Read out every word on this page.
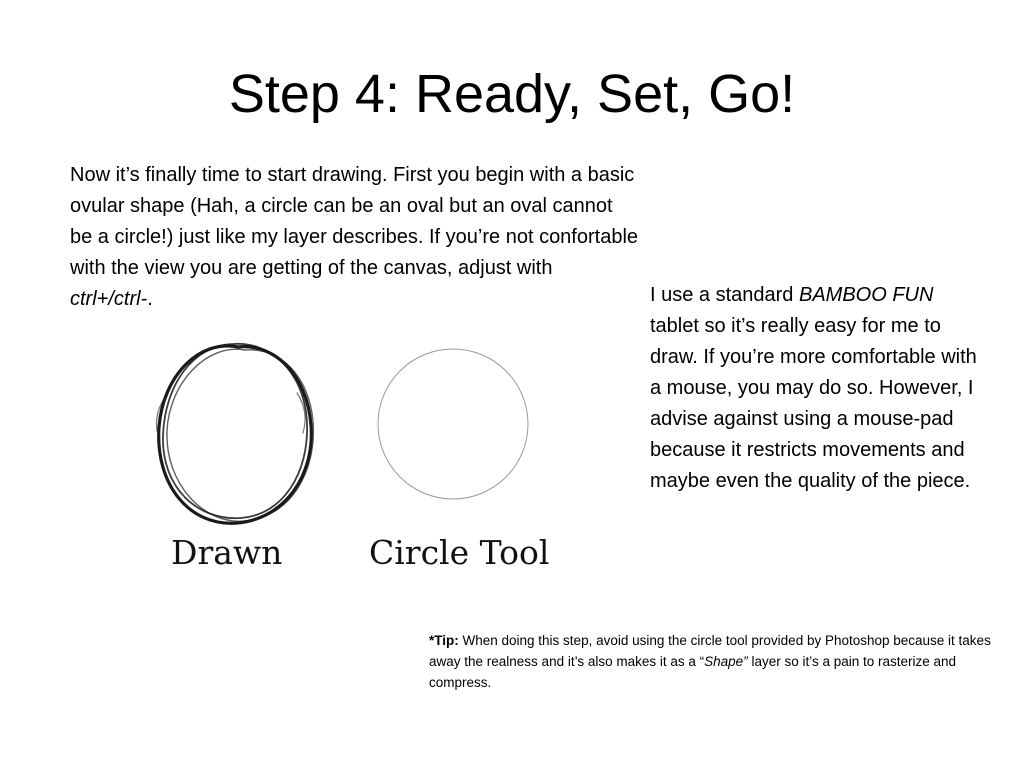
Step 4: Ready, Set, Go!

Now it’s finally time to start drawing. First you begin with a basic ovular shape (Hah, a circle can be an oval but an oval cannot be a circle!) just like my layer describes. If you’re not confortable with the view you are getting of the canvas, adjust with ctrl+/ctrl-.

Drawn	Circle Tool

I use a standard BAMBOO FUN tablet so it’s really easy for me to draw. If you’re more comfortable with a mouse, you may do so. However, I advise against using a mouse-pad because it restricts movements and maybe even the quality of the piece.

*Tip: When doing this step, avoid using the circle tool provided by Photoshop because it takes away the realness and it’s also makes it as a “Shape” layer so it’s a pain to rasterize and compress.
